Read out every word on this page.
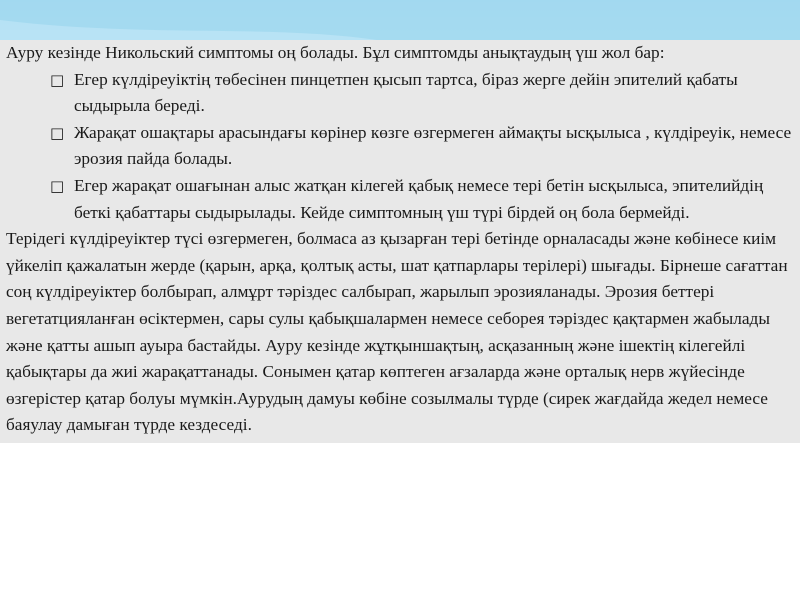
Ауру кезінде Никольский симптомы оң болады. Бұл симптомды анықтаудың үш жол бар:

□ Егер күлдіреуіктің төбесінен пинцетпен қысып тартса, біраз жерге дейін эпителий қабаты сыдырыла береді.
□ Жарақат ошақтары арасындағы көрінер көзге өзгермеген аймақты ысқылыса , күлдіреуік, немесе эрозия пайда болады.
□ Егер жарақат ошағынан алыс жатқан кілегей қабық немесе тері бетін ысқылыса, эпителийдің беткі қабаттары сыдырылады. Кейде симптомның үш түрі бірдей оң бола бермейді.

Терідегі күлдіреуіктер түсі өзгермеген, болмаса аз қызарған тері бетінде орналасады және көбінесе киім үйкеліп қажалатын жерде (қарын, арқа, қолтық асты, шат қатпарлары терілері) шығады. Бірнеше сағаттан соң күлдіреуіктер болбырап, алмұрт тәріздес салбырап, жарылып эрозияланады. Эрозия беттері вегетатцияланған өсіктермен, сары сулы қабықшалармен немесе себорея тәріздес қақтармен жабылады және қатты ашып ауыра бастайды. Ауру кезінде жұтқыншақтың, асқазанның және ішектің кілегейлі қабықтары да жиі жарақаттанады. Сонымен қатар көптеген ағзаларда және орталық нерв жүйесінде өзгерістер қатар болуы мүмкін.Аурудың дамуы көбіне созылмалы түрде (сирек жағдайда жедел немесе баяулау дамыған түрде кездеседі.
